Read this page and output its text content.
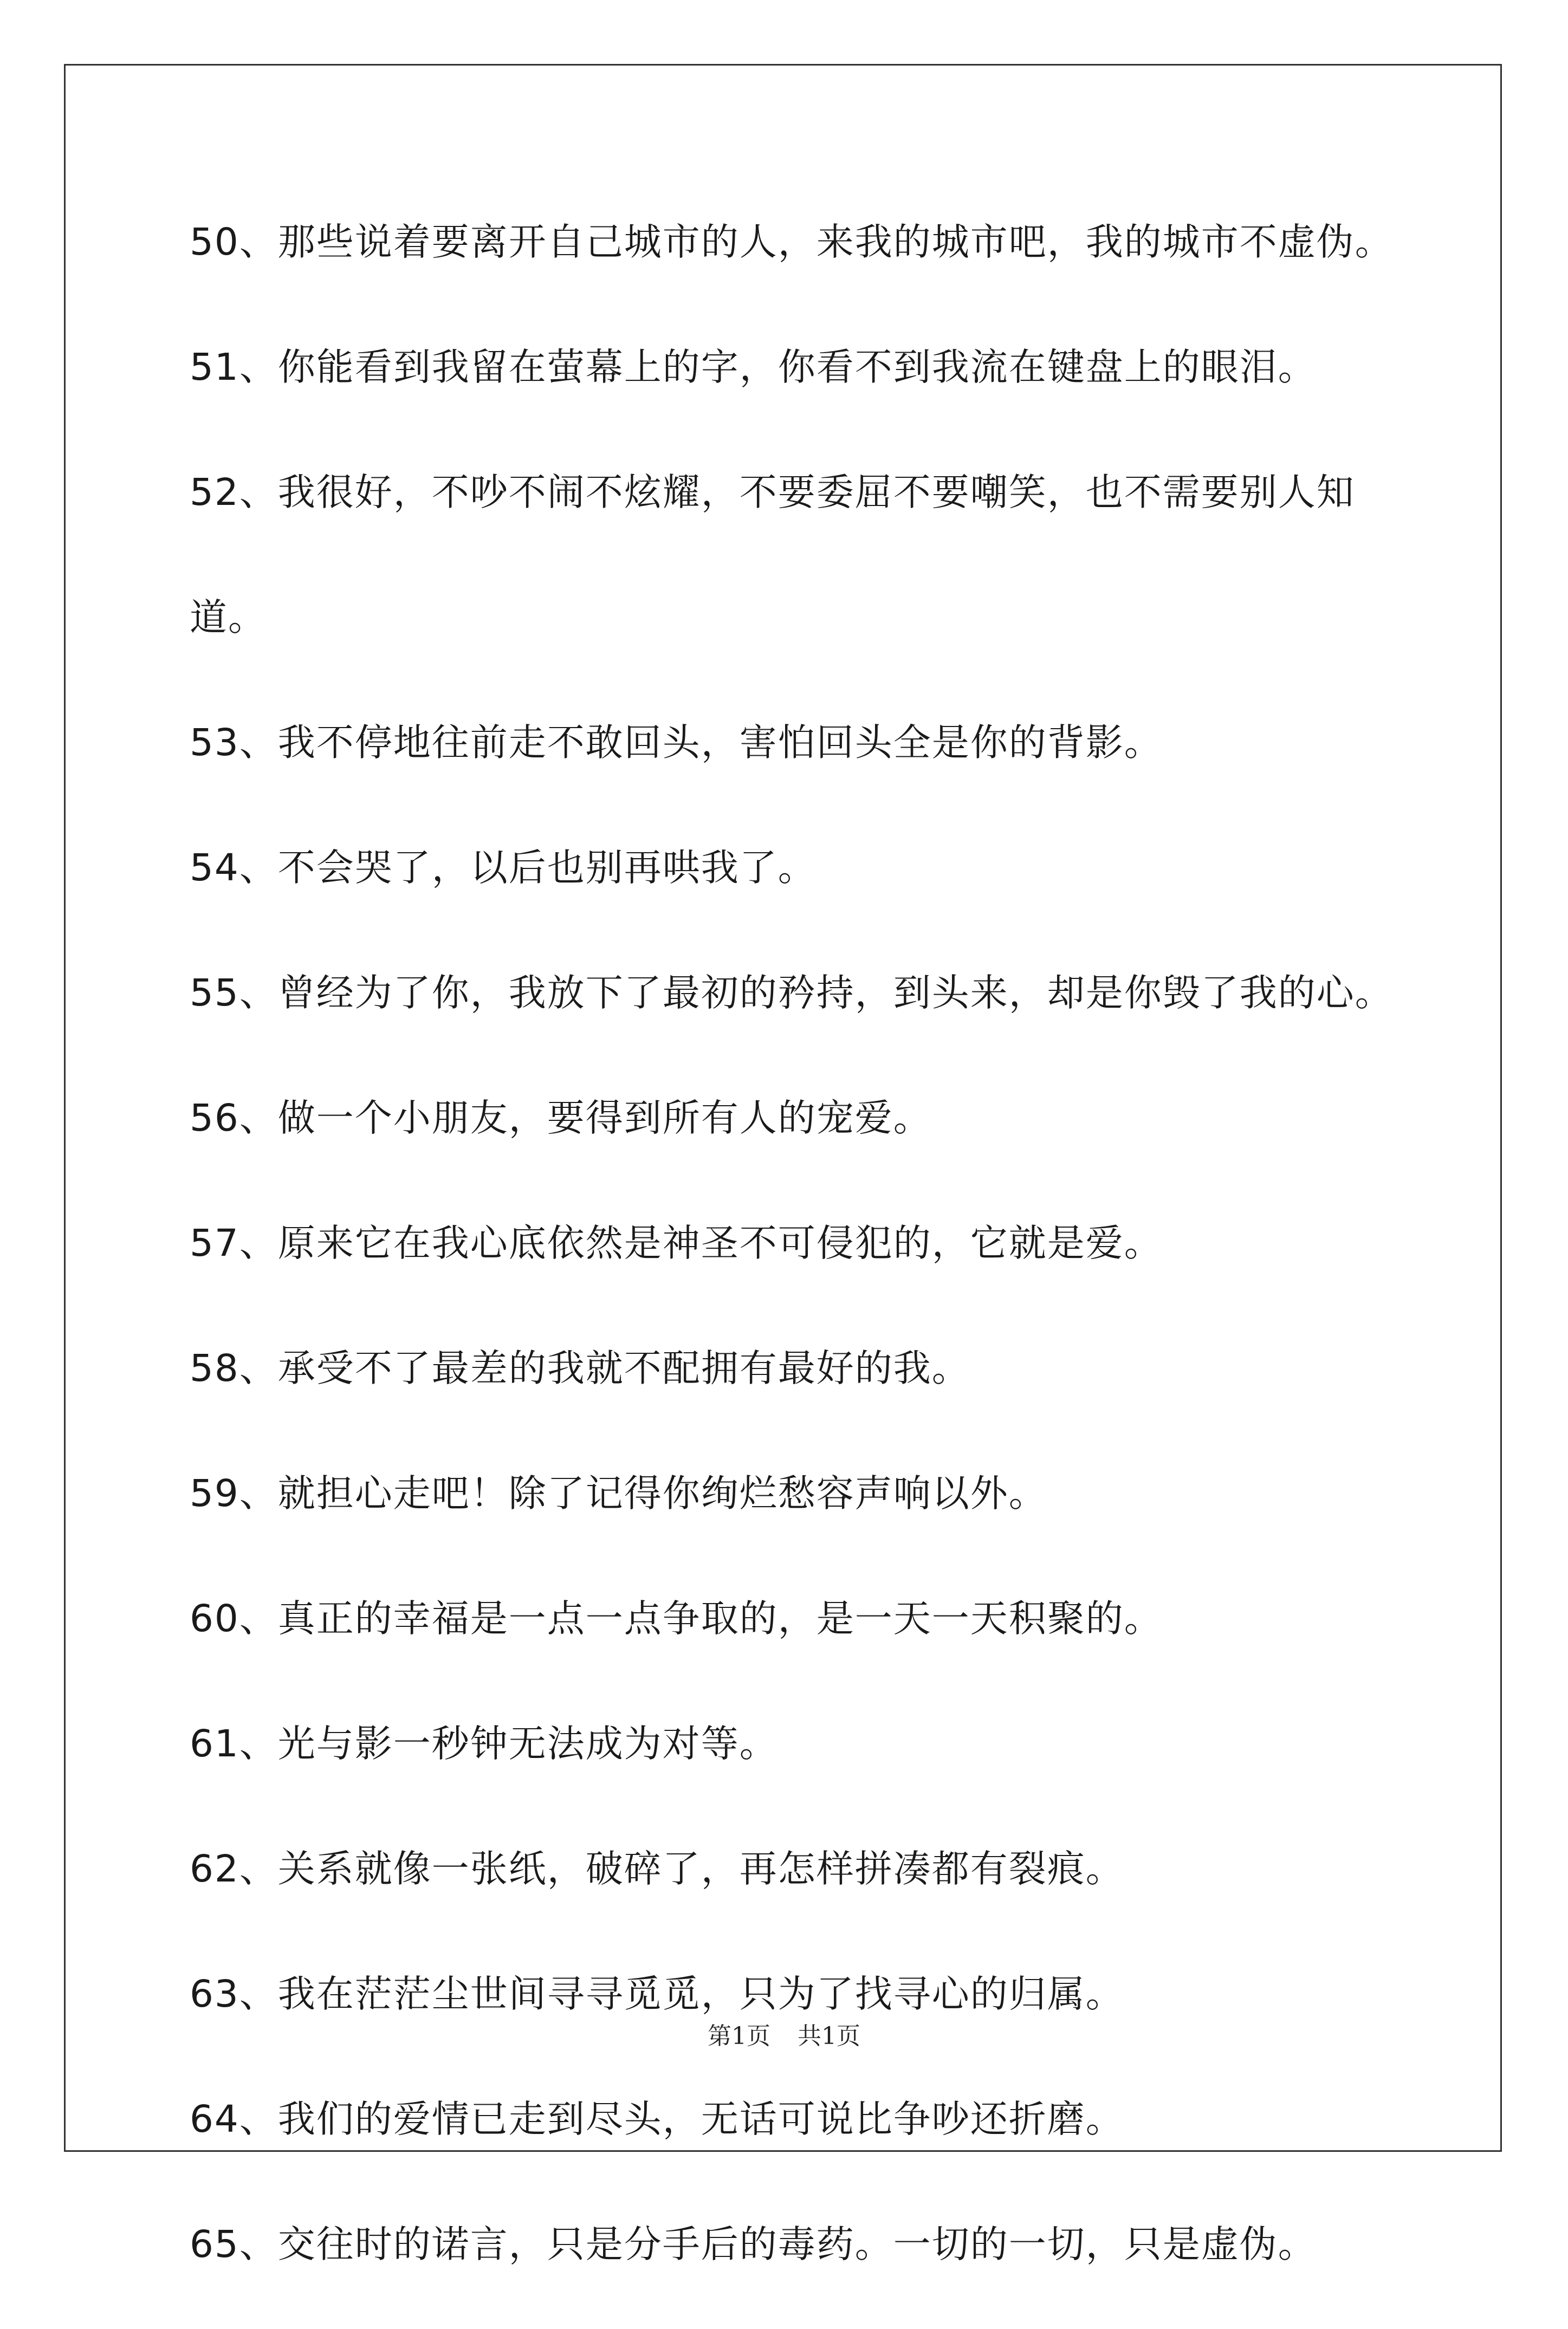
50、那些说着要离开自己城市的人，来我的城市吧，我的城市不虚伪。
51、你能看到我留在萤幕上的字，你看不到我流在键盘上的眼泪。
52、我很好，不吵不闹不炫耀，不要委屈不要嘲笑，也不需要别人知
道。
53、我不停地往前走不敢回头，害怕回头全是你的背影。
54、不会哭了，以后也别再哄我了。
55、曾经为了你，我放下了最初的矜持，到头来，却是你毁了我的心。
56、做一个小朋友，要得到所有人的宠爱。
57、原来它在我心底依然是神圣不可侵犯的，它就是爱。
58、承受不了最差的我就不配拥有最好的我。
59、就担心走吧！除了记得你绚烂愁容声响以外。
60、真正的幸福是一点一点争取的，是一天一天积聚的。
61、光与影一秒钟无法成为对等。
62、关系就像一张纸，破碎了，再怎样拼凑都有裂痕。
63、我在茫茫尘世间寻寻觅觅，只为了找寻心的归属。
64、我们的爱情已走到尽头，无话可说比争吵还折磨。
65、交往时的诺言，只是分手后的毒药。一切的一切，只是虚伪。
第1页 共1页
